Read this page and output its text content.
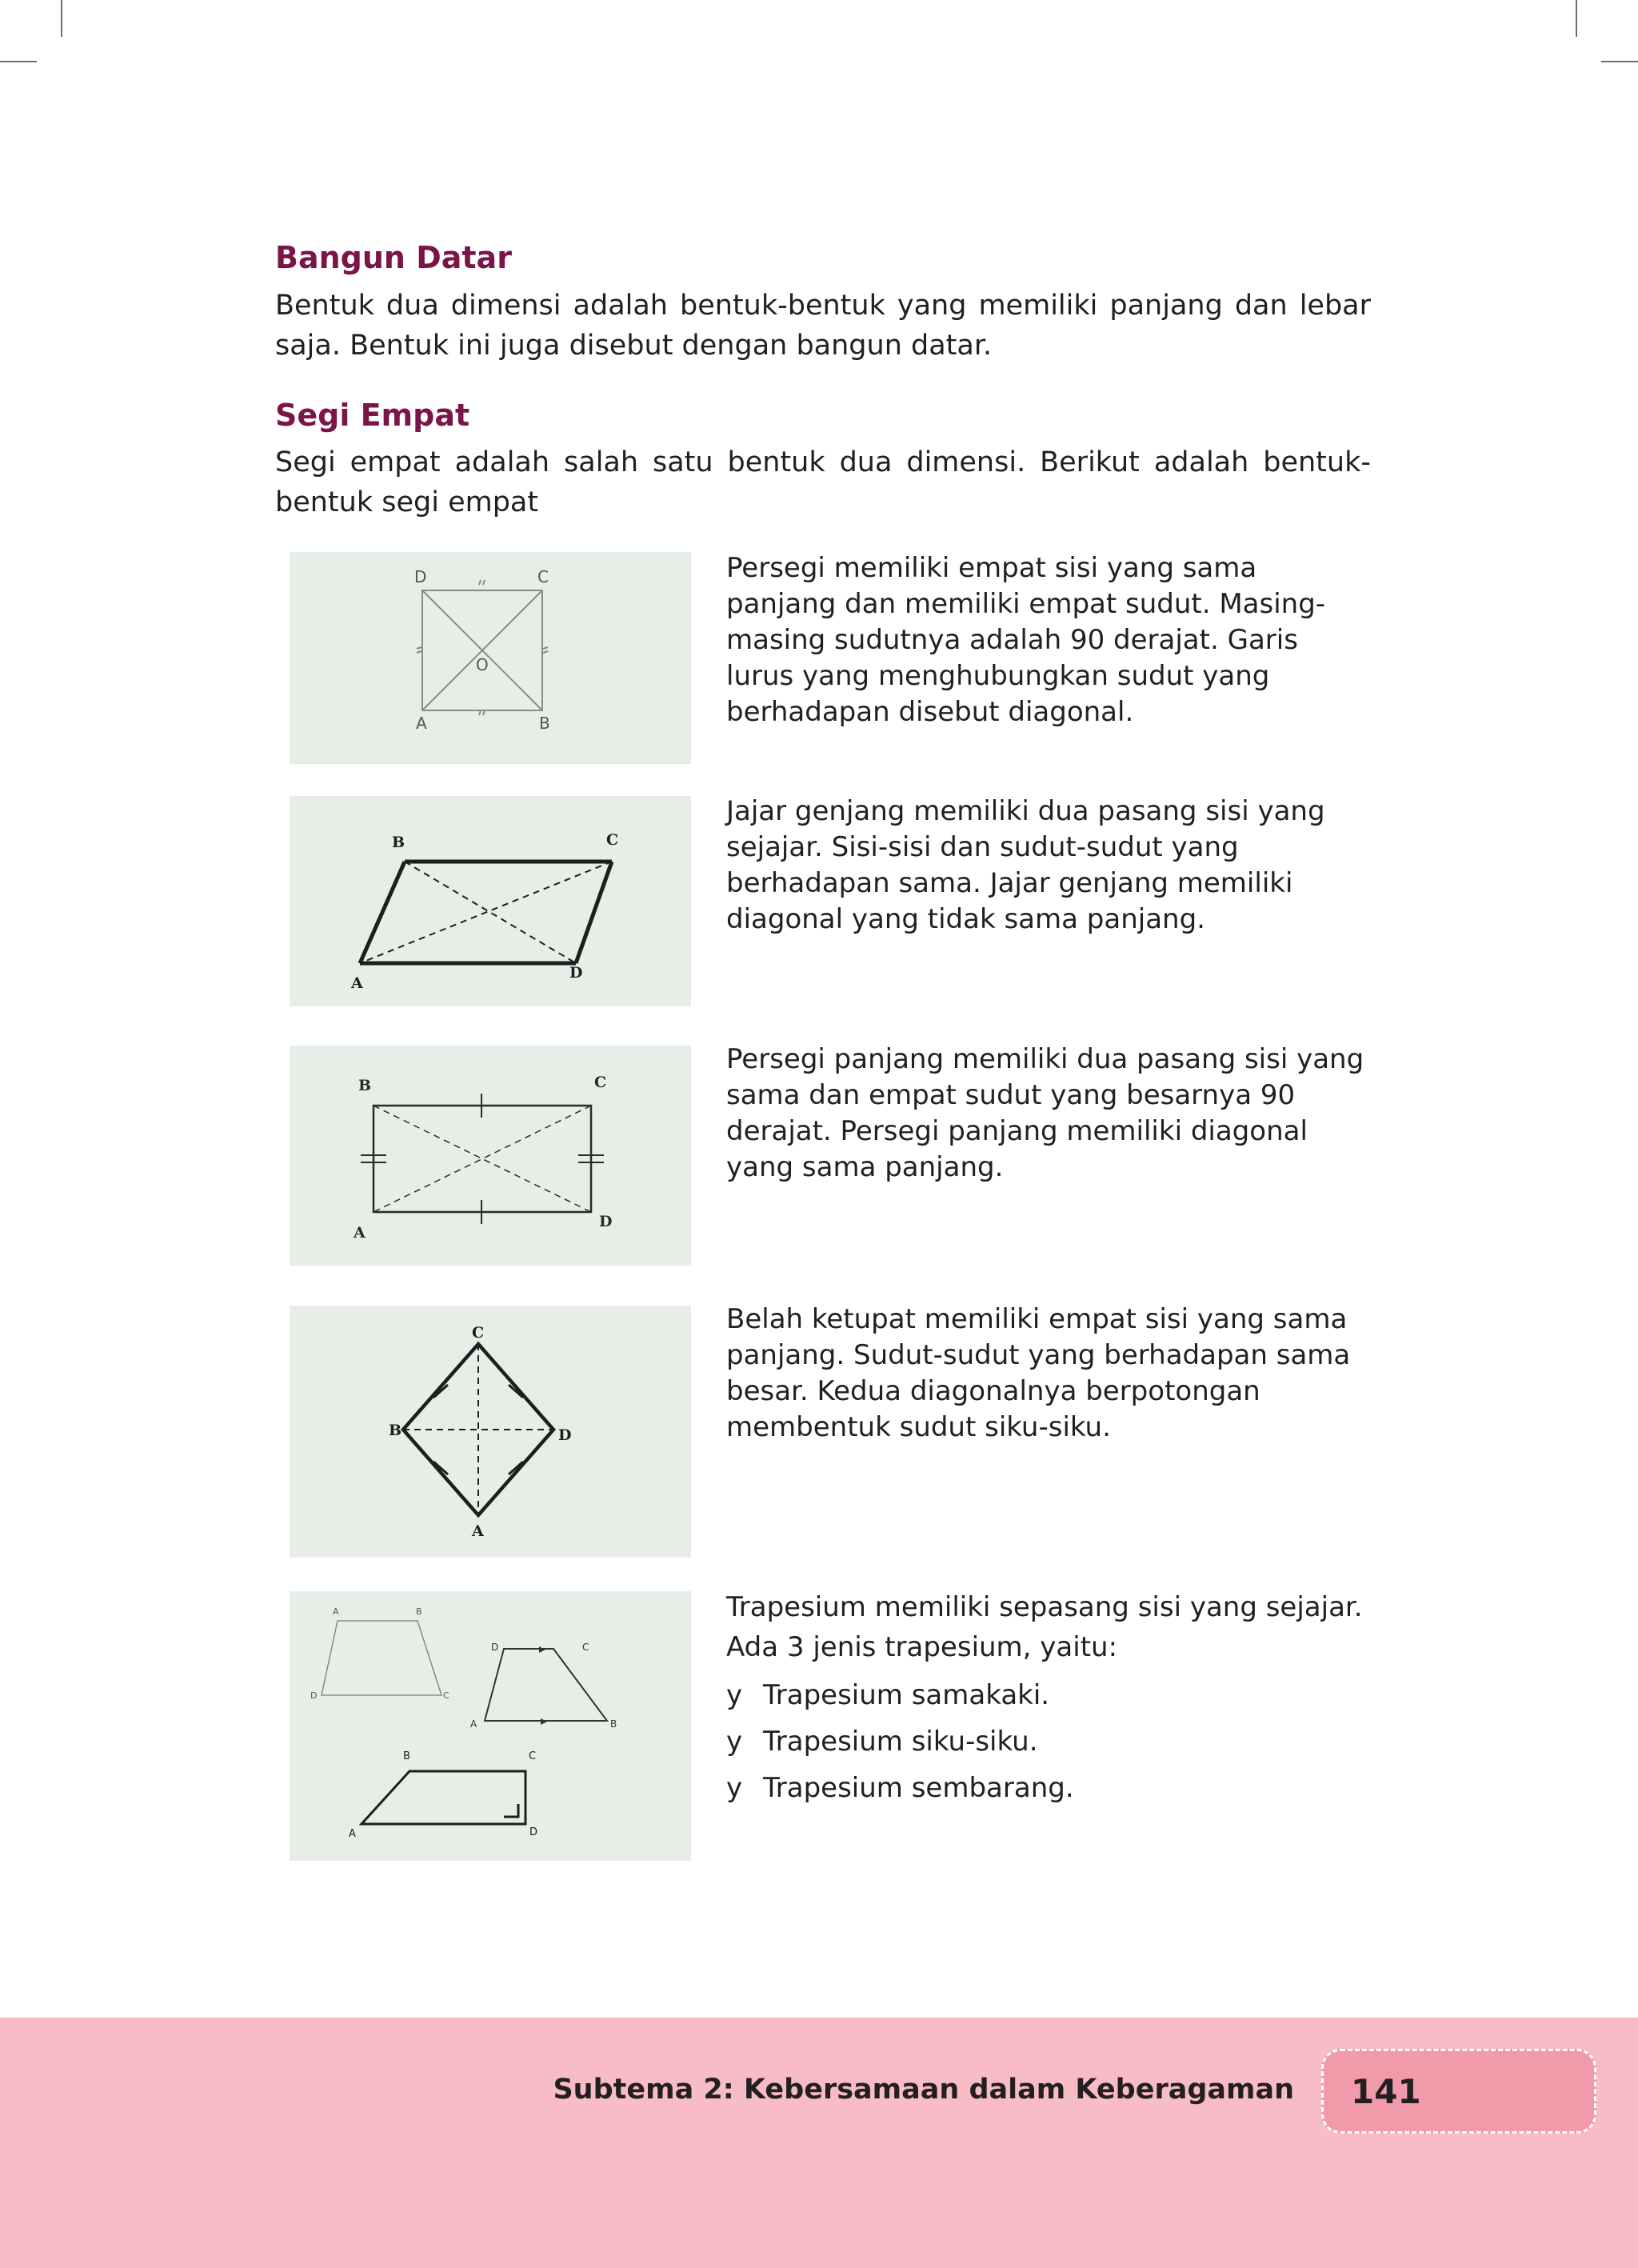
Bangun Datar

Bentuk dua dimensi adalah bentuk-bentuk yang memiliki panjang dan lebar saja. Bentuk ini juga disebut dengan bangun datar.

Segi Empat

Segi empat adalah salah satu bentuk dua dimensi. Berikut adalah bentuk-bentuk segi empat

D	C
A	B
O
Persegi memiliki empat sisi yang sama panjang dan memiliki empat sudut. Masing-masing sudutnya adalah 90 derajat. Garis lurus yang menghubungkan sudut yang berhadapan disebut diagonal.
B	C
A
D
Jajar genjang memiliki dua pasang sisi yang sejajar. Sisi-sisi dan sudut-sudut yang berhadapan sama. Jajar genjang memiliki diagonal yang tidak sama panjang.
B	C
A
D
Persegi panjang memiliki dua pasang sisi yang sama dan empat sudut yang besarnya 90 derajat. Persegi panjang memiliki diagonal yang sama panjang.
C
B	D
A
Belah ketupat memiliki empat sisi yang sama panjang. Sudut-sudut yang berhadapan sama besar. Kedua diagonalnya berpotongan membentuk sudut siku-siku.
A	B
C
D
D	C
A	B
B	C
A	D
Trapesium memiliki sepasang sisi yang sejajar. Ada 3 jenis trapesium, yaitu:
y Trapesium samakaki.
y Trapesium siku-siku.
y Trapesium sembarang.
Subtema 2: Kebersamaan dalam Keberagaman 141
